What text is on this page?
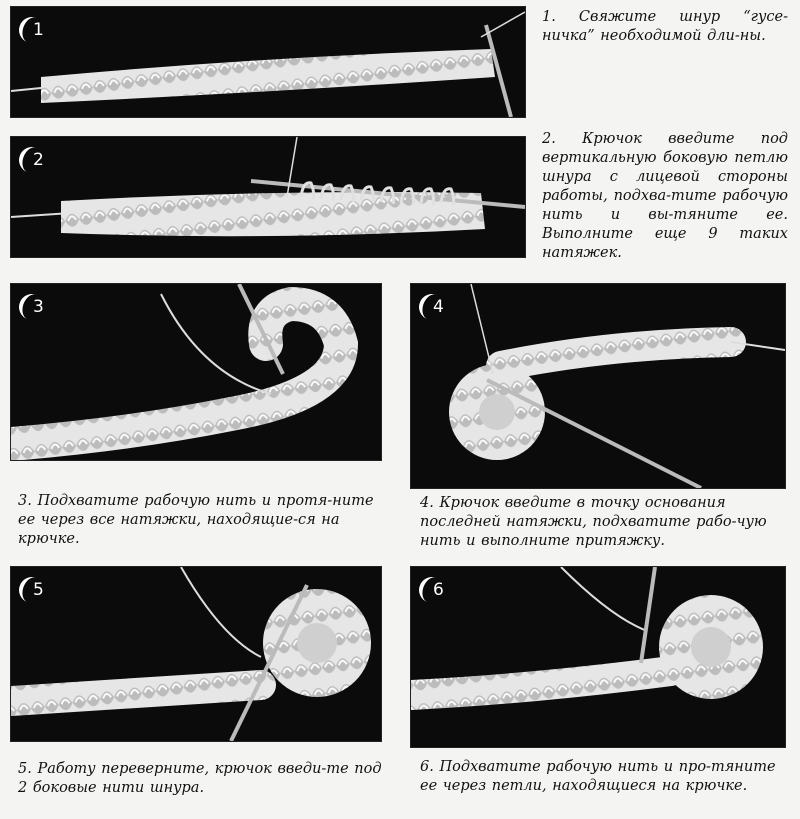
1

1. Свяжите шнур “гусе-ничка” необходимой дли-ны.

2

2. Крючок введите под вертикальную боковую петлю шнура с лицевой стороны работы, подхва-тите рабочую нить и вы-тяните ее. Выполните еще 9 таких натяжек.

3

3. Подхватите рабочую нить и протя-ните ее через все натяжки, находящие-ся на крючке.

4

4. Крючок введите в точку основания последней натяжки, подхватите рабо-чую нить и выполните притяжку.

5

5. Работу переверните, крючок введи-те под 2 боковые нити шнура.

6

6. Подхватите рабочую нить и про-тяните ее через петли, находящиеся на крючке.
